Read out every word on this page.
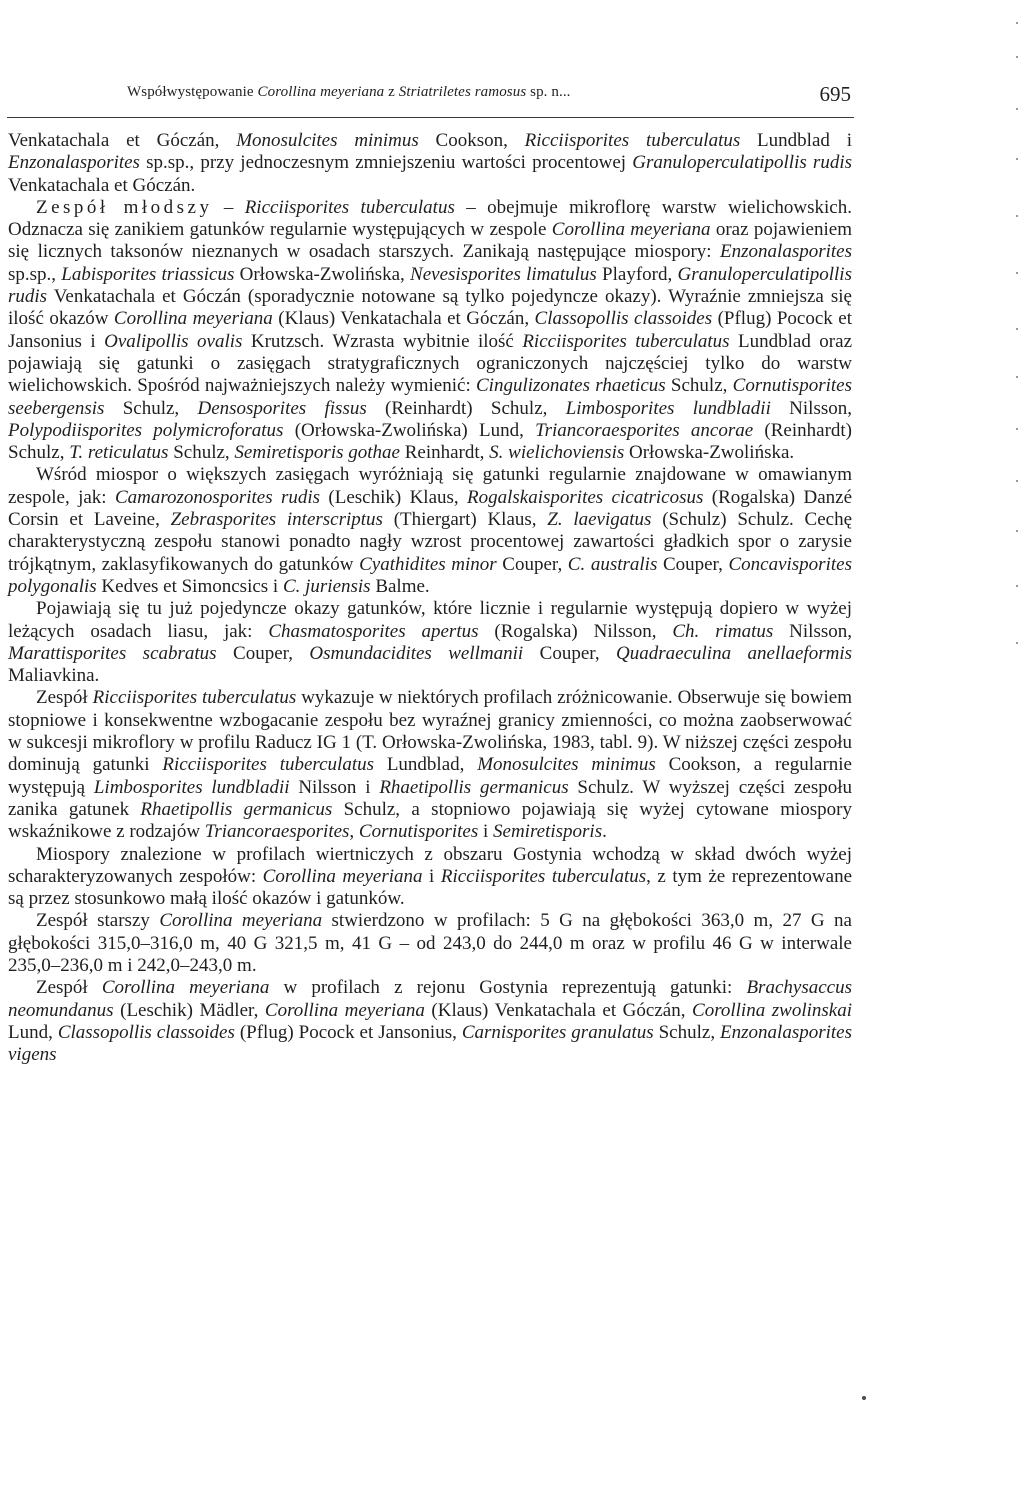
Współwystępowanie Corollina meyeriana z Striatriletes ramosus sp. n...	695

Venkatachala et Góczán, Monosulcites minimus Cookson, Ricciisporites tuberculatus Lundblad i Enzonalasporites sp.sp., przy jednoczesnym zmniejszeniu wartości procentowej Granuloperculatipollis rudis Venkatachala et Góczán.

Zespół młodszy – Ricciisporites tuberculatus – obejmuje mikroflorę warstw wielichowskich. Odznacza się zanikiem gatunków regularnie występujących w zespole Corollina meyeriana oraz pojawieniem się licznych taksonów nieznanych w osadach starszych. Zanikają następujące miospory: Enzonalasporites sp.sp., Labisporites triassicus Orłowska-Zwolińska, Nevesisporites limatulus Playford, Granuloperculatipollis rudis Venkatachala et Góczán (sporadycznie notowane są tylko pojedyncze okazy). Wyraźnie zmniejsza się ilość okazów Corollina meyeriana (Klaus) Venkatachala et Góczán, Classopollis classoides (Pflug) Pocock et Jansonius i Ovalipollis ovalis Krutzsch. Wzrasta wybitnie ilość Ricciisporites tuberculatus Lundblad oraz pojawiają się gatunki o zasięgach stratygraficznych ograniczonych najczęściej tylko do warstw wielichowskich. Spośród najważniejszych należy wymienić: Cingulizonates rhaeticus Schulz, Cornutisporites seebergensis Schulz, Densosporites fissus (Reinhardt) Schulz, Limbosporites lundbladii Nilsson, Polypodiisporites polymicroforatus (Orłowska-Zwolińska) Lund, Triancoraesporites ancorae (Reinhardt) Schulz, T. reticulatus Schulz, Semiretisporis gothae Reinhardt, S. wielichoviensis Orłowska-Zwolińska.

Wśród miospor o większych zasięgach wyróżniają się gatunki regularnie znajdowane w omawianym zespole, jak: Camarozonosporites rudis (Leschik) Klaus, Rogalskaisporites cicatricosus (Rogalska) Danzé Corsin et Laveine, Zebrasporites interscriptus (Thiergart) Klaus, Z. laevigatus (Schulz) Schulz. Cechę charakterystyczną zespołu stanowi ponadto nagły wzrost procentowej zawartości gładkich spor o zarysie trójkątnym, zaklasyfikowanych do gatunków Cyathidites minor Couper, C. australis Couper, Concavisporites polygonalis Kedves et Simoncsics i C. juriensis Balme.

Pojawiają się tu już pojedyncze okazy gatunków, które licznie i regularnie występują dopiero w wyżej leżących osadach liasu, jak: Chasmatosporites apertus (Rogalska) Nilsson, Ch. rimatus Nilsson, Marattisporites scabratus Couper, Osmundacidites wellmanii Couper, Quadraeculina anellaeformis Maliavkina.

Zespół Ricciisporites tuberculatus wykazuje w niektórych profilach zróżnicowanie. Obserwuje się bowiem stopniowe i konsekwentne wzbogacanie zespołu bez wyraźnej granicy zmienności, co można zaobserwować w sukcesji mikroflory w profilu Raducz IG 1 (T. Orłowska-Zwolińska, 1983, tabl. 9). W niższej części zespołu dominują gatunki Ricciisporites tuberculatus Lundblad, Monosulcites minimus Cookson, a regularnie występują Limbosporites lundbladii Nilsson i Rhaetipollis germanicus Schulz. W wyższej części zespołu zanika gatunek Rhaetipollis germanicus Schulz, a stopniowo pojawiają się wyżej cytowane miospory wskaźnikowe z rodzajów Triancoraesporites, Cornutisporites i Semiretisporis.

Miospory znalezione w profilach wiertniczych z obszaru Gostynia wchodzą w skład dwóch wyżej scharakteryzowanych zespołów: Corollina meyeriana i Ricciisporites tuberculatus, z tym że reprezentowane są przez stosunkowo małą ilość okazów i gatunków.

Zespół starszy Corollina meyeriana stwierdzono w profilach: 5 G na głębokości 363,0 m, 27 G na głębokości 315,0–316,0 m, 40 G 321,5 m, 41 G – od 243,0 do 244,0 m oraz w profilu 46 G w interwale 235,0–236,0 m i 242,0–243,0 m.

Zespół Corollina meyeriana w profilach z rejonu Gostynia reprezentują gatunki: Brachysaccus neomundanus (Leschik) Mädler, Corollina meyeriana (Klaus) Venkatachala et Góczán, Corollina zwolinskai Lund, Classopollis classoides (Pflug) Pocock et Jansonius, Carnisporites granulatus Schulz, Enzonalasporites vigens
